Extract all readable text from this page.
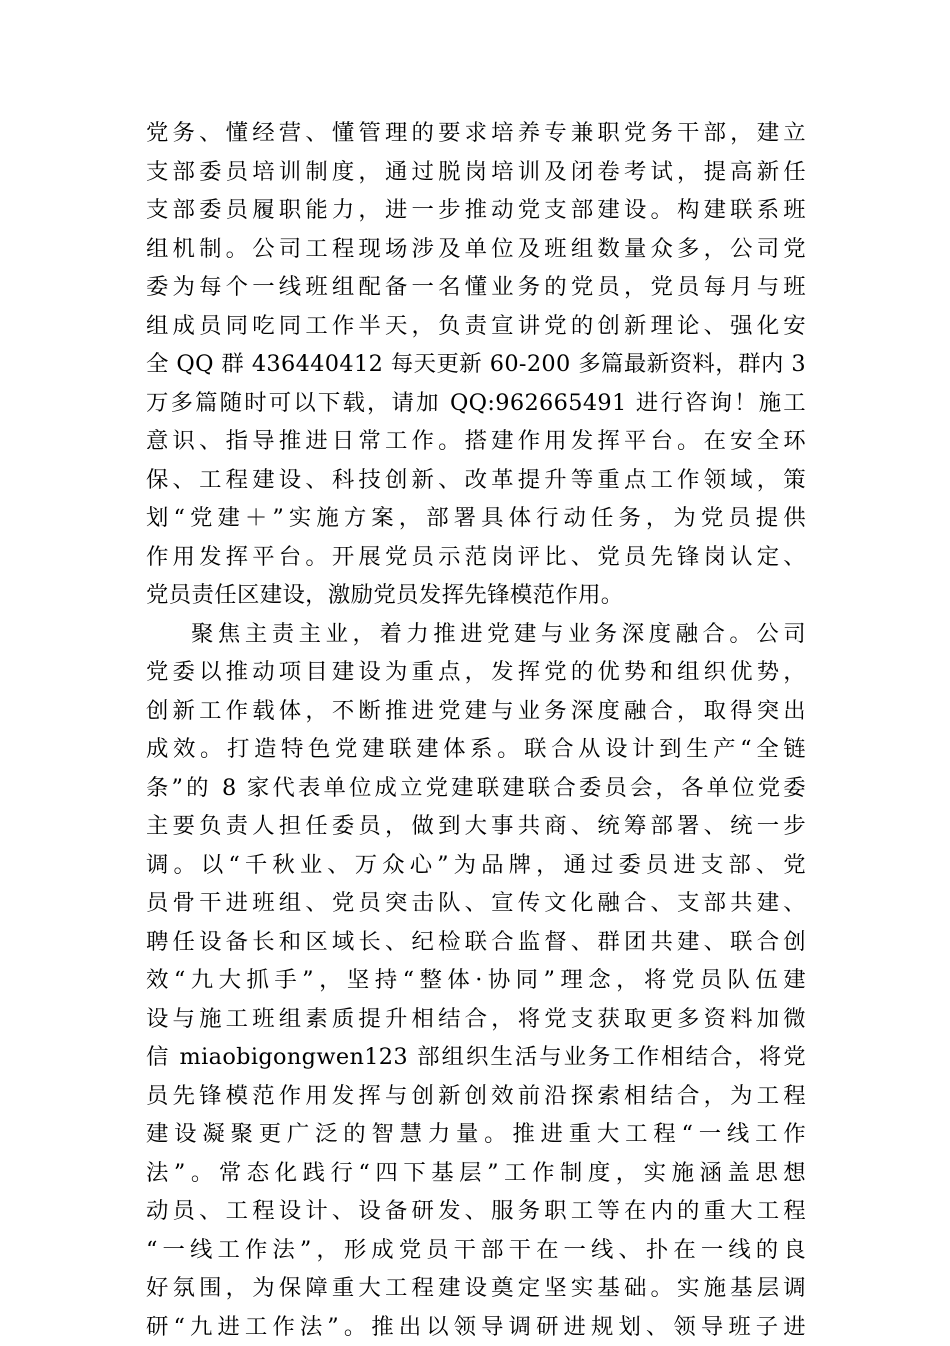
党务、懂经营、懂管理的要求培养专兼职党务干部，建立
支部委员培训制度，通过脱岗培训及闭卷考试，提高新任
支部委员履职能力，进一步推动党支部建设。构建联系班
组机制。公司工程现场涉及单位及班组数量众多，公司党
委为每个一线班组配备一名懂业务的党员，党员每月与班
组成员同吃同工作半天，负责宣讲党的创新理论、强化安
全 QQ 群 436440412 每天更新 60-200 多篇最新资料，群内 3
万多篇随时可以下载，请加 QQ:962665491 进行咨询！施工
意识、指导推进日常工作。搭建作用发挥平台。在安全环
保、工程建设、科技创新、改革提升等重点工作领域，策
划“党建＋”实施方案，部署具体行动任务，为党员提供
作用发挥平台。开展党员示范岗评比、党员先锋岗认定、
党员责任区建设，激励党员发挥先锋模范作用。
聚焦主责主业，着力推进党建与业务深度融合。公司
党委以推动项目建设为重点，发挥党的优势和组织优势，
创新工作载体，不断推进党建与业务深度融合，取得突出
成效。打造特色党建联建体系。联合从设计到生产“全链
条”的 8 家代表单位成立党建联建联合委员会，各单位党委
主要负责人担任委员，做到大事共商、统筹部署、统一步
调。以“千秋业、万众心”为品牌，通过委员进支部、党
员骨干进班组、党员突击队、宣传文化融合、支部共建、
聘任设备长和区域长、纪检联合监督、群团共建、联合创
效“九大抓手”，坚持“整体·协同”理念，将党员队伍建
设与施工班组素质提升相结合，将党支获取更多资料加微
信 miaobigongwen123 部组织生活与业务工作相结合，将党
员先锋模范作用发挥与创新创效前沿探索相结合，为工程
建设凝聚更广泛的智慧力量。推进重大工程“一线工作
法”。常态化践行“四下基层”工作制度，实施涵盖思想
动员、工程设计、设备研发、服务职工等在内的重大工程
“一线工作法”，形成党员干部干在一线、扑在一线的良
好氛围，为保障重大工程建设奠定坚实基础。实施基层调
研“九进工作法”。推出以领导调研进规划、领导班子进
